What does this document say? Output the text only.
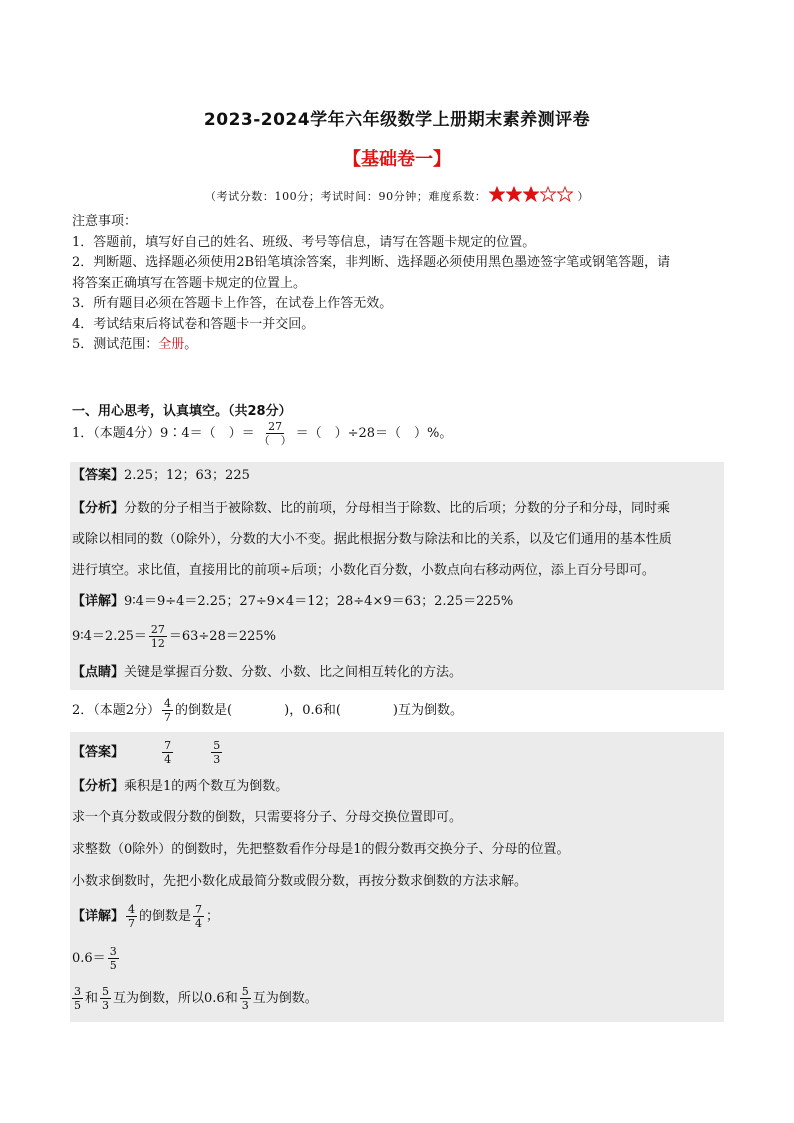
2023-2024学年六年级数学上册期末素养测评卷
【基础卷一】
（考试分数：100分；考试时间：90分钟；难度系数：	）

注意事项：

1．答题前，填写好自己的姓名、班级、考号等信息，请写在答题卡规定的位置。

2．判断题、选择题必须使用2B铅笔填涂答案，非判断、选择题必须使用黑色墨迹签字笔或钢笔答题，请

将答案正确填写在答题卡规定的位置上。

3．所有题目必须在答题卡上作答，在试卷上作答无效。

4．考试结束后将试卷和答题卡一并交回。

5．测试范围：全册。

一、用心思考，认真填空。（共28分）
1．（本题4分）9∶4＝（　）＝ $\frac{27}{( )}$ ＝（　）÷28＝（　）%。
【答案】2.25；12；63；225
【分析】分数的分子相当于被除数、比的前项，分母相当于除数、比的后项；分数的分子和分母，同时乘
或除以相同的数（0除外），分数的大小不变。据此根据分数与除法和比的关系，以及它们通用的基本性质
进行填空。求比值，直接用比的前项÷后项；小数化百分数，小数点向右移动两位，添上百分号即可。
【详解】9∶4＝9÷4＝2.25；27÷9×4＝12；28÷4×9＝63；2.25＝225%
9∶4＝2.25＝ $\frac{27}{12} =63\div 28=225\%$
【点睛】关键是掌握百分数、分数、小数、比之间相互转化的方法。
2．（本题2分） $\frac{4}{7}$ 的倒数是(　　　　)，0.6和(　　　　)互为倒数。
【答案】	$\frac{7}{4}$
	$\frac{5}{3}$
【分析】乘积是1的两个数互为倒数。
求一个真分数或假分数的倒数，只需要将分子、分母交换位置即可。
求整数（0除外）的倒数时，先把整数看作分母是1的假分数再交换分子、分母的位置。
小数求倒数时，先把小数化成最简分数或假分数，再按分数求倒数的方法求解。
【详解】 $\frac{4}{7}$ 的倒数是 $\frac{7}{4}$ ；
$0.6= \frac{3}{5}$
$\frac{3}{5}$ 和 $\frac{5}{3}$ 互为倒数，所以0.6和 $\frac{5}{3}$ 互为倒数。
